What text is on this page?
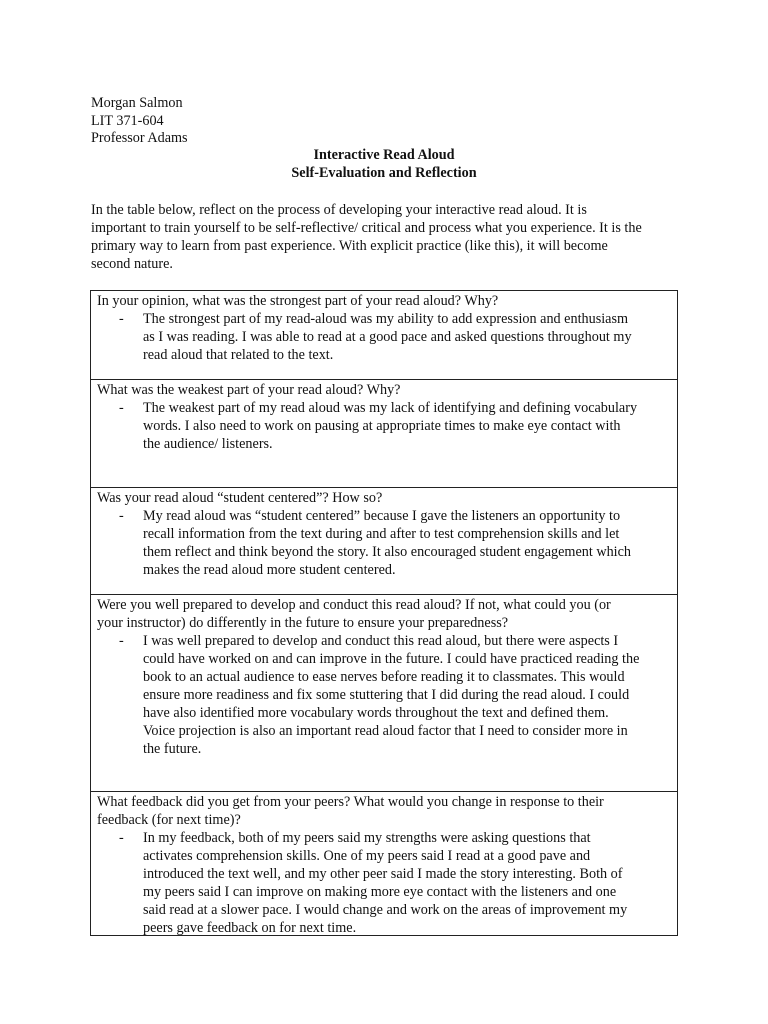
Morgan Salmon
LIT 371-604
Professor Adams
Interactive Read Aloud
Self-Evaluation and Reflection
In the table below, reflect on the process of developing your interactive read aloud. It is
important to train yourself to be self-reflective/ critical and process what you experience. It is the
primary way to learn from past experience. With explicit practice (like this), it will become
second nature.
In your opinion, what was the strongest part of your read aloud? Why?
- The strongest part of my read-aloud was my ability to add expression and enthusiasm
as I was reading. I was able to read at a good pace and asked questions throughout my
read aloud that related to the text.

What was the weakest part of your read aloud? Why?
- The weakest part of my read aloud was my lack of identifying and defining vocabulary
words. I also need to work on pausing at appropriate times to make eye contact with
the audience/ listeners.

Was your read aloud “student centered”? How so?
- My read aloud was “student centered” because I gave the listeners an opportunity to
recall information from the text during and after to test comprehension skills and let
them reflect and think beyond the story. It also encouraged student engagement which
makes the read aloud more student centered.

Were you well prepared to develop and conduct this read aloud? If not, what could you (or
your instructor) do differently in the future to ensure your preparedness?
- I was well prepared to develop and conduct this read aloud, but there were aspects I
could have worked on and can improve in the future. I could have practiced reading the
book to an actual audience to ease nerves before reading it to classmates. This would
ensure more readiness and fix some stuttering that I did during the read aloud. I could
have also identified more vocabulary words throughout the text and defined them.
Voice projection is also an important read aloud factor that I need to consider more in
the future.

What feedback did you get from your peers? What would you change in response to their
feedback (for next time)?
- In my feedback, both of my peers said my strengths were asking questions that
activates comprehension skills. One of my peers said I read at a good pave and
introduced the text well, and my other peer said I made the story interesting. Both of
my peers said I can improve on making more eye contact with the listeners and one
said read at a slower pace. I would change and work on the areas of improvement my
peers gave feedback on for next time.
